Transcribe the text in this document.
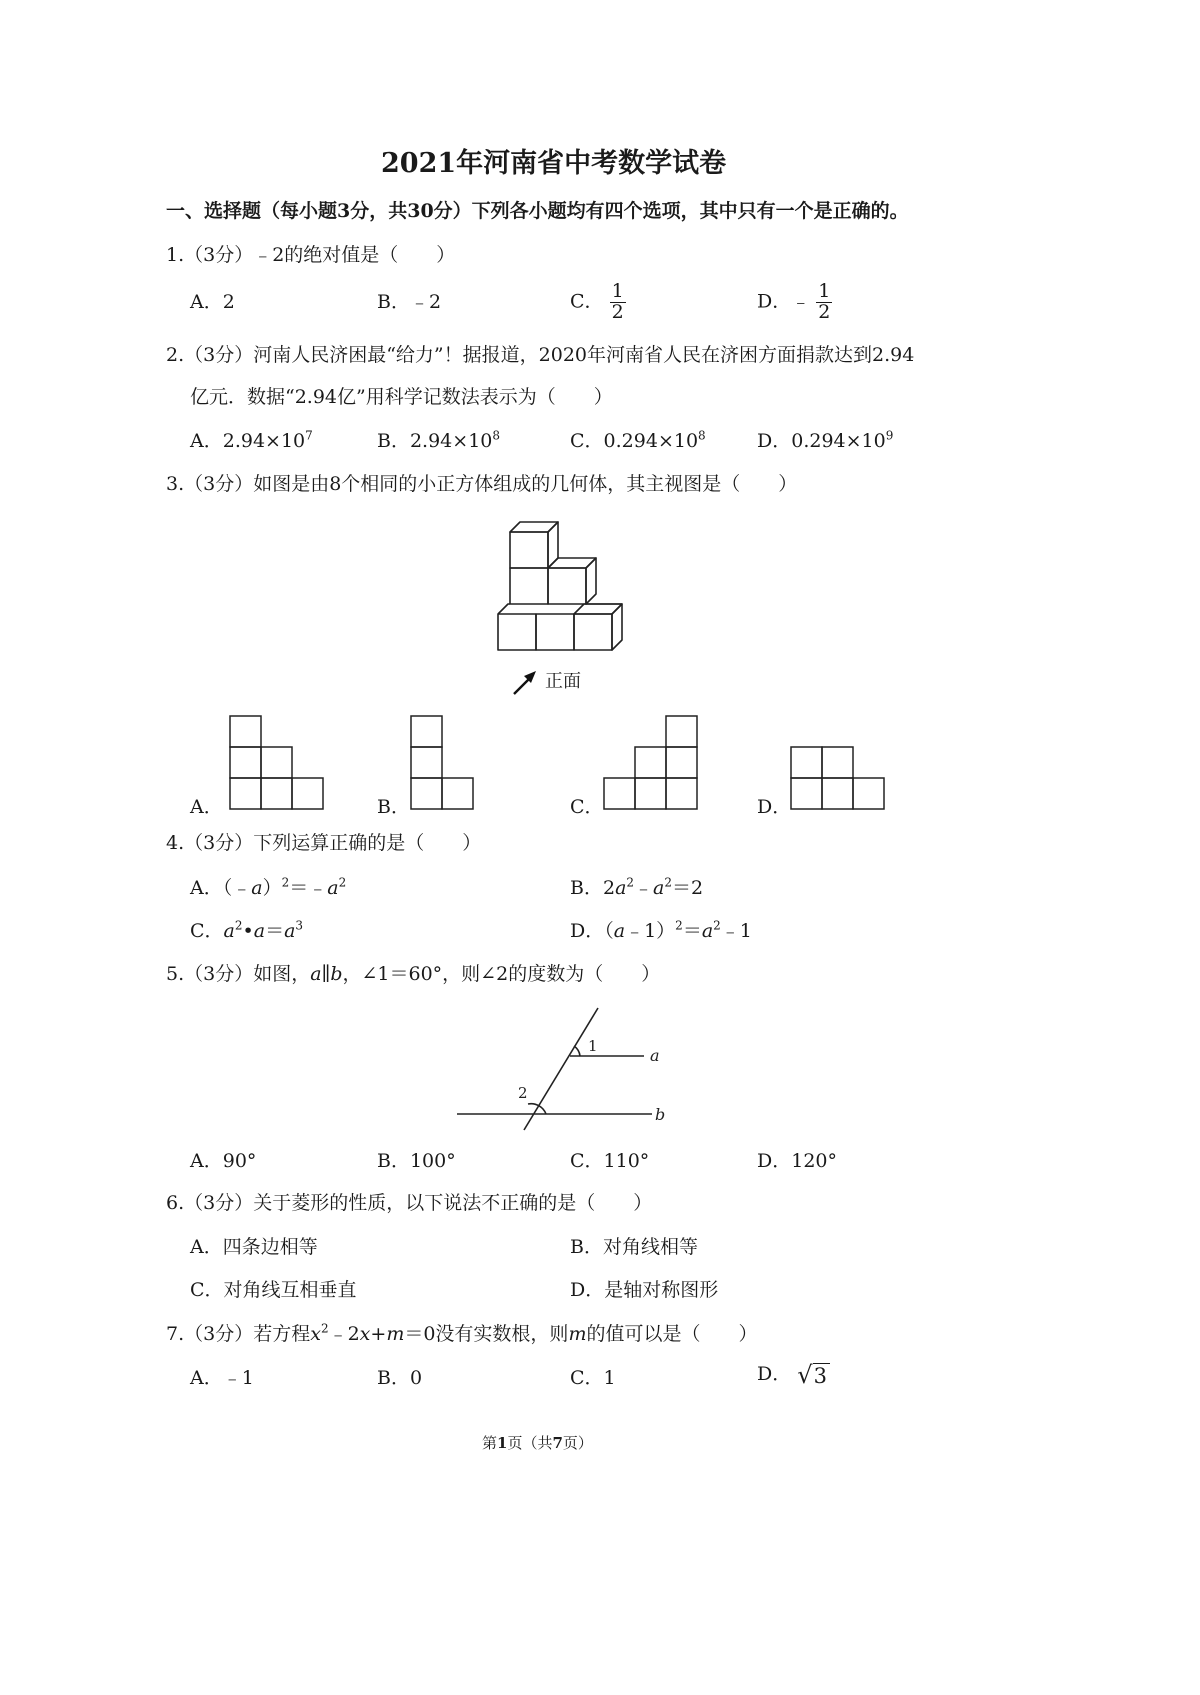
2021年河南省中考数学试卷
一、选择题（每小题3分，共30分）下列各小题均有四个选项，其中只有一个是正确的。
1.（3分）﹣2的绝对值是（　　）
A．2	B．﹣2	C． $\frac{1}{2}$	D．﹣ $\frac{1}{2}$
2.（3分）河南人民济困最“给力”！据报道，2020年河南省人民在济困方面捐款达到2.94
亿元．数据“2.94亿”用科学记数法表示为（　　）
A．$2.94\times 10^7$	B．$2.94\times 10^8$	C．$0.294\times 10^8$	D．$0.294\times 10^9$
3.（3分）如图是由8个相同的小正方体组成的几何体，其主视图是（　　）
正面
A．	B．	C．	D．
4.（3分）下列运算正确的是（　　）
A．$(﹣a)^2=﹣a^2$	B．$2a^2﹣a^2=2$
C．$a^2•a=a^3$	D．$(a﹣1)^2=a^2﹣1$
5.（3分）如图，a∥b，∠1＝60°，则∠2的度数为（　　）
1
2
a
b
A．90°	B．100°	C．110°	D．120°
6.（3分）关于菱形的性质，以下说法不正确的是（　　）
A．四条边相等	B．对角线相等
C．对角线互相垂直	D．是轴对称图形
7.（3分）若方程$x^2﹣2x+m=0$没有实数根，则m的值可以是（　　）
A．﹣1	B．0	C．1	D． √3
第1页（共7页）
